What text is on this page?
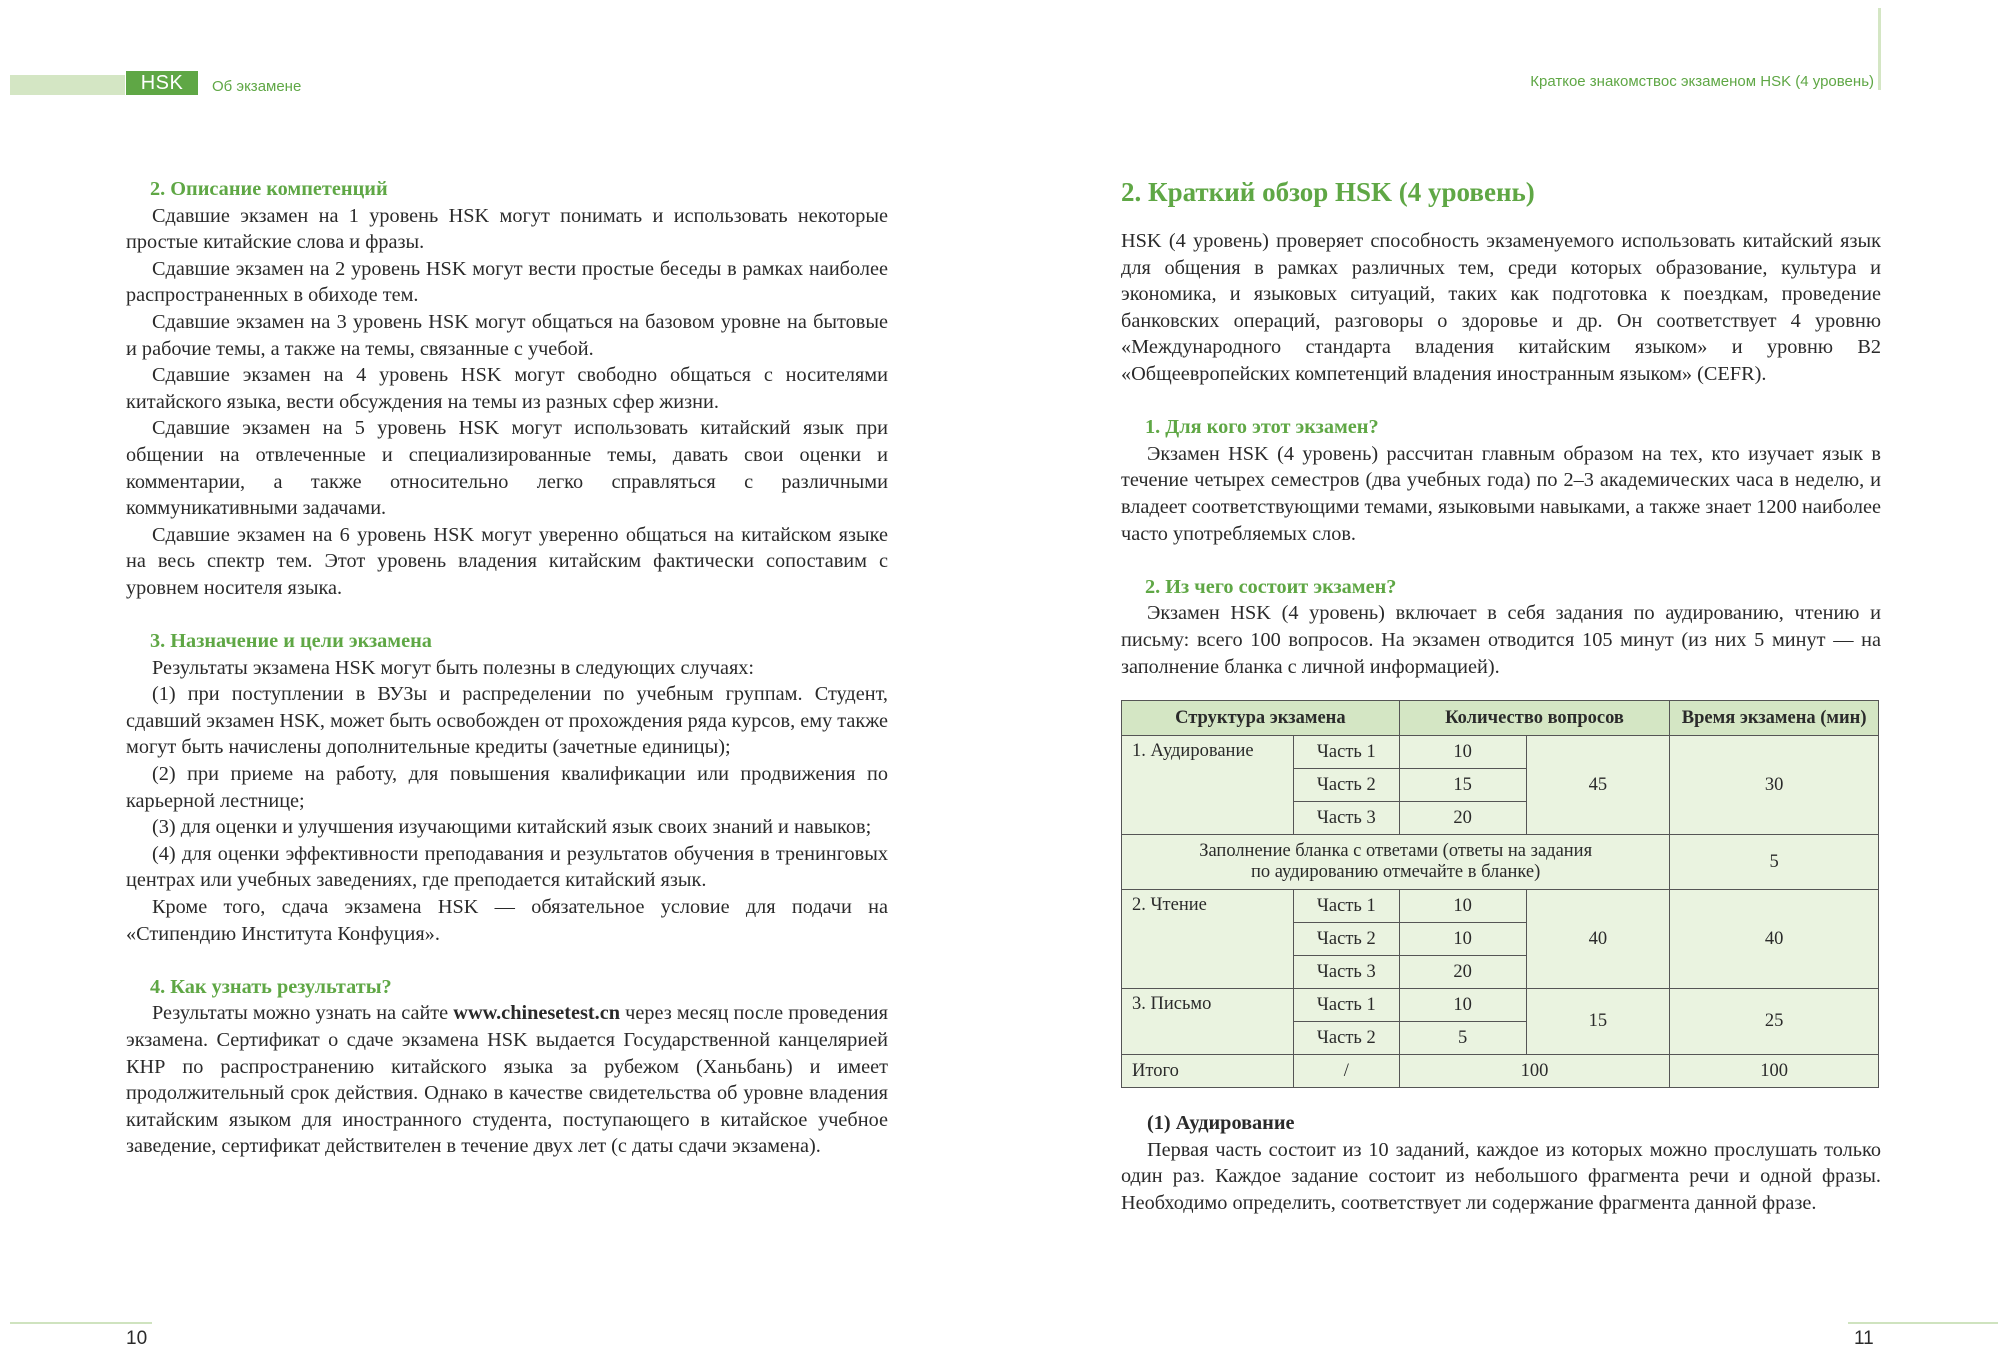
HSK	Об экзамене	Краткое знакомствос экзаменом HSK (4 уровень)
2. Описание компетенций

Сдавшие экзамен на 1 уровень HSK могут понимать и использовать некоторые простые китайские слова и фразы.

Сдавшие экзамен на 2 уровень HSK могут вести простые беседы в рамках наиболее распространенных в обиходе тем.

Сдавшие экзамен на 3 уровень HSK могут общаться на базовом уровне на бытовые и рабочие темы, а также на темы, связанные с учебой.

Сдавшие экзамен на 4 уровень HSK могут свободно общаться с носителями китайского языка, вести обсуждения на темы из разных сфер жизни.

Сдавшие экзамен на 5 уровень HSK могут использовать китайский язык при общении на отвлеченные и специализированные темы, давать свои оценки и комментарии, а также относительно легко справляться с различными коммуникативными задачами.

Сдавшие экзамен на 6 уровень HSK могут уверенно общаться на китайском языке на весь спектр тем. Этот уровень владения китайским фактически сопоставим с уровнем носителя языка.

3. Назначение и цели экзамена

Результаты экзамена HSK могут быть полезны в следующих случаях:

(1) при поступлении в ВУЗы и распределении по учебным группам. Студент, сдавший экзамен HSK, может быть освобожден от прохождения ряда курсов, ему также могут быть начислены дополнительные кредиты (зачетные единицы);

(2) при приеме на работу, для повышения квалификации или продвижения по карьерной лестнице;

(3) для оценки и улучшения изучающими китайский язык своих знаний и навыков;

(4) для оценки эффективности преподавания и результатов обучения в тренинговых центрах или учебных заведениях, где преподается китайский язык.

Кроме того, сдача экзамена HSK — обязательное условие для подачи на «Стипендию Института Конфуция».

4. Как узнать результаты?

Результаты можно узнать на сайте www.chinesetest.cn через месяц после проведения экзамена. Сертификат о сдаче экзамена HSK выдается Государственной канцелярией КНР по распространению китайского языка за рубежом (Ханьбань) и имеет продолжительный срок действия. Однако в качестве свидетельства об уровне владения китайским языком для иностранного студента, поступающего в китайское учебное заведение, сертификат действителен в течение двух лет (с даты сдачи экзамена).

2. Краткий обзор HSK (4 уровень)

HSK (4 уровень) проверяет способность экзаменуемого использовать китайский язык для общения в рамках различных тем, среди которых образование, культура и экономика, и языковых ситуаций, таких как подготовка к поездкам, проведение банковских операций, разговоры о здоровье и др. Он соответствует 4 уровню «Международного стандарта владения китайским языком» и уровню B2 «Общеевропейских компетенций владения иностранным языком» (CEFR).

1. Для кого этот экзамен?

Экзамен HSK (4 уровень) рассчитан главным образом на тех, кто изучает язык в течение четырех семестров (два учебных года) по 2–3 академических часа в неделю, и владеет соответствующими темами, языковыми навыками, а также знает 1200 наиболее часто употребляемых слов.

2. Из чего состоит экзамен?

Экзамен HSK (4 уровень) включает в себя задания по аудированию, чтению и письму: всего 100 вопросов. На экзамен отводится 105 минут (из них 5 минут — на заполнение бланка с личной информацией).

Структура экзамена		Количество вопросов		Время экзамена (мин)
1. Аудирование	Часть 1	10	45	30
	Часть 2	15		
	Часть 3	20		
Заполнение бланка с ответами (ответы на задания
по аудированию отмечайте в бланке)				5
2. Чтение	Часть 1	10	40	40
	Часть 2	10		
	Часть 3	20		
3. Письмо	Часть 1	10	15	25
	Часть 2	5		
Итого	/	100		100
(1) Аудирование

Первая часть состоит из 10 заданий, каждое из которых можно прослушать только один раз. Каждое задание состоит из небольшого фрагмента речи и одной фразы. Необходимо определить, соответствует ли содержание фрагмента данной фразе.

10	11
